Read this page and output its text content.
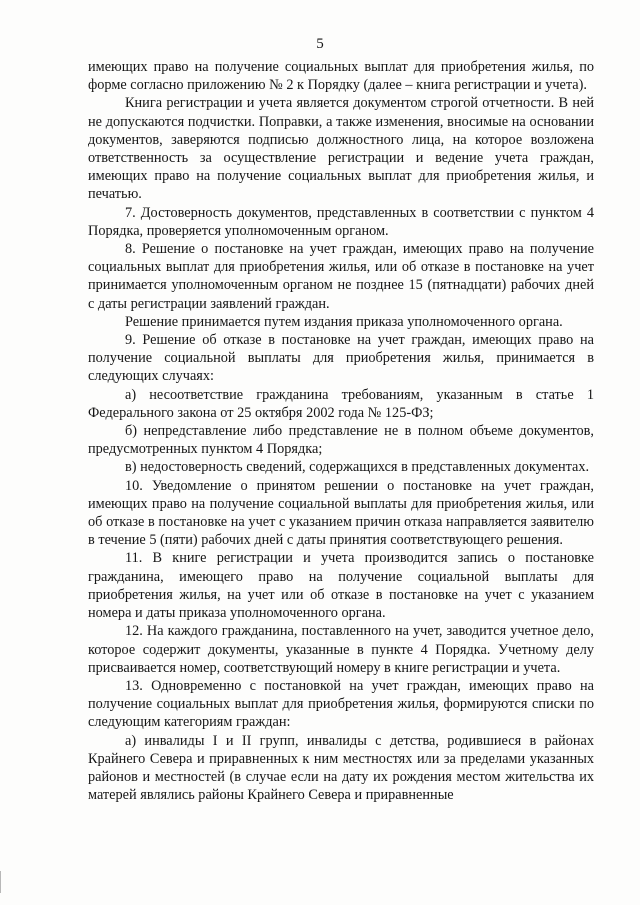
5

имеющих право на получение социальных выплат для приобретения жилья, по форме согласно приложению № 2 к Порядку (далее – книга регистрации и учета).

Книга регистрации и учета является документом строгой отчетности. В ней не допускаются подчистки. Поправки, а также изменения, вносимые на основании документов, заверяются подписью должностного лица, на которое возложена ответственность за осуществление регистрации и ведение учета граждан, имеющих право на получение социальных выплат для приобретения жилья, и печатью.

7. Достоверность документов, представленных в соответствии с пунктом 4 Порядка, проверяется уполномоченным органом.

8. Решение о постановке на учет граждан, имеющих право на получение социальных выплат для приобретения жилья, или об отказе в постановке на учет принимается уполномоченным органом не позднее 15 (пятнадцати) рабочих дней с даты регистрации заявлений граждан.

Решение принимается путем издания приказа уполномоченного органа.

9. Решение об отказе в постановке на учет граждан, имеющих право на получение социальной выплаты для приобретения жилья, принимается в следующих случаях:

а) несоответствие гражданина требованиям, указанным в статье 1 Федерального закона от 25 октября 2002 года № 125-ФЗ;

б) непредставление либо представление не в полном объеме документов, предусмотренных пунктом 4 Порядка;

в) недостоверность сведений, содержащихся в представленных документах.

10. Уведомление о принятом решении о постановке на учет граждан, имеющих право на получение социальной выплаты для приобретения жилья, или об отказе в постановке на учет с указанием причин отказа направляется заявителю в течение 5 (пяти) рабочих дней с даты принятия соответствующего решения.

11. В книге регистрации и учета производится запись о постановке гражданина, имеющего право на получение социальной выплаты для приобретения жилья, на учет или об отказе в постановке на учет с указанием номера и даты приказа уполномоченного органа.

12. На каждого гражданина, поставленного на учет, заводится учетное дело, которое содержит документы, указанные в пункте 4 Порядка. Учетному делу присваивается номер, соответствующий номеру в книге регистрации и учета.

13. Одновременно с постановкой на учет граждан, имеющих право на получение социальных выплат для приобретения жилья, формируются списки по следующим категориям граждан:

а) инвалиды I и II групп, инвалиды с детства, родившиеся в районах Крайнего Севера и приравненных к ним местностях или за пределами указанных районов и местностей (в случае если на дату их рождения местом жительства их матерей являлись районы Крайнего Севера и приравненные
